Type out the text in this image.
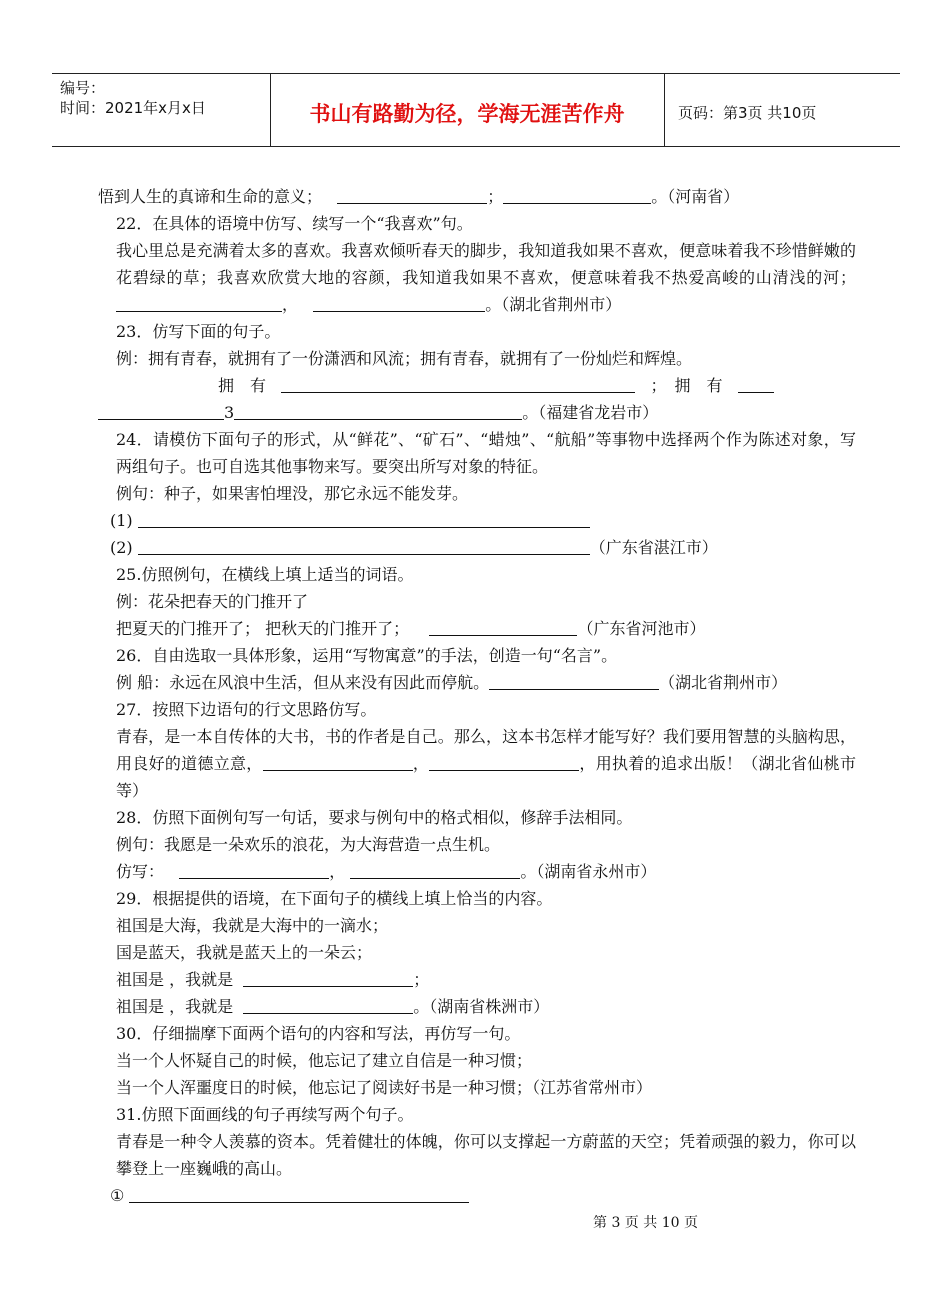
编号：
时间：2021年x月x日	书山有路勤为径，学海无涯苦作舟	页码：第3页 共10页

悟到人生的真谛和生命的意义；	；	。（河南省）

22．在具体的语境中仿写、续写一个“我喜欢”句。

我心里总是充满着太多的喜欢。我喜欢倾听春天的脚步，我知道我如果不喜欢，便意味着我不珍惜鲜嫩的花碧绿的草；我喜欢欣赏大地的容颜，我知道我如果不喜欢，便意味着我不热爱高峻的山清浅的河；，	。（湖北省荆州市）

23．仿写下面的句子。

例：拥有青春，就拥有了一份潇洒和风流；拥有青春，就拥有了一份灿烂和辉煌。

拥　有	；　拥　有

3	。（福建省龙岩市）

24．请模仿下面句子的形式，从“鲜花”、“矿石”、“蜡烛”、“航船”等事物中选择两个作为陈述对象，写两组句子。也可自选其他事物来写。要突出所写对象的特征。

例句：种子，如果害怕埋没，那它永远不能发芽。

(1)

(2)	（广东省湛江市）

25.仿照例句，在横线上填上适当的词语。

例：花朵把春天的门推开了

把夏天的门推开了； 把秋天的门推开了；	（广东省河池市）

26．自由选取一具体形象，运用“写物寓意”的手法，创造一句“名言”。

例 船：永远在风浪中生活，但从来没有因此而停航。	（湖北省荆州市）

27．按照下边语句的行文思路仿写。

青春，是一本自传体的大书，书的作者是自己。那么，这本书怎样才能写好？我们要用智慧的头脑构思，用良好的道德立意，	，	，用执着的追求出版！（湖北省仙桃市等）

28．仿照下面例句写一句话，要求与例句中的格式相似，修辞手法相同。

例句：我愿是一朵欢乐的浪花，为大海营造一点生机。

仿写：	，	。（湖南省永州市）

29．根据提供的语境，在下面句子的横线上填上恰当的内容。

祖国是大海，我就是大海中的一滴水；

国是蓝天，我就是蓝天上的一朵云；

祖国是 ，我就是	；

祖国是 ，我就是	。（湖南省株洲市）

30．仔细揣摩下面两个语句的内容和写法，再仿写一句。

当一个人怀疑自己的时候，他忘记了建立自信是一种习惯；

当一个人浑噩度日的时候，他忘记了阅读好书是一种习惯；（江苏省常州市）

31.仿照下面画线的句子再续写两个句子。

青春是一种令人羡慕的资本。凭着健壮的体魄，你可以支撑起一方蔚蓝的天空；凭着顽强的毅力，你可以攀登上一座巍峨的高山。

①

第 3 页 共 10 页
